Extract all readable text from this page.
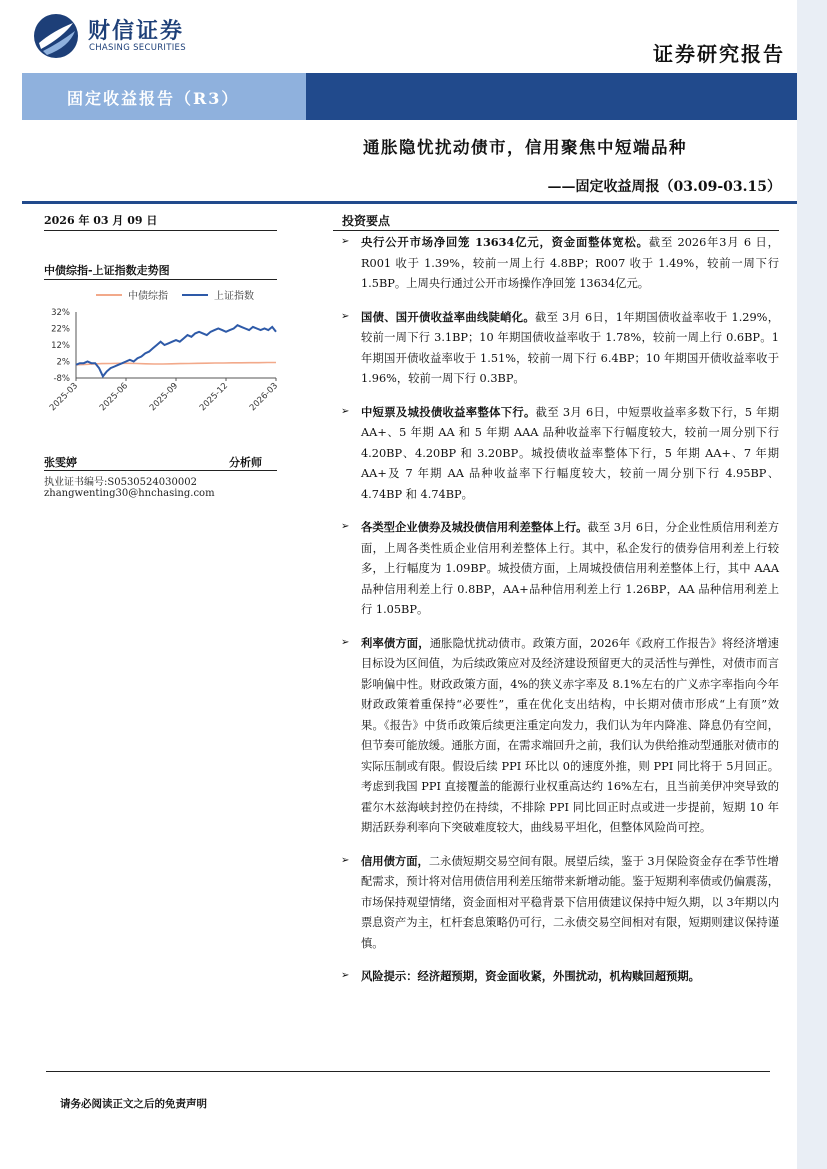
财信证券
CHASING SECURITIES	证券研究报告
固定收益报告（R3）
通胀隐忧扰动债市，信用聚焦中短端品种
——固定收益周报（03.09-03.15）
2026 年 03 月 09 日
中债综指-上证指数走势图
中债综指	上证指数
32%
22%
12%
2%
-8%
2025-03 2025-06 2025-09 2025-12 2026-03
张雯婷	分析师
执业证书编号:S0530524030002
zhangwenting30@hnchasing.com
投资要点
➢ 央行公开市场净回笼 13634亿元，资金面整体宽松。截至 2026年3月 6 日，R001 收于 1.39%，较前一周上行 4.8BP；R007 收于 1.49%，较前一周下行 1.5BP。上周央行通过公开市场操作净回笼 13634亿元。
➢ 国债、国开债收益率曲线陡峭化。截至 3月 6日，1年期国债收益率收于 1.29%，较前一周下行 3.1BP；10 年期国债收益率收于 1.78%，较前一周上行 0.6BP。1年期国开债收益率收于 1.51%，较前一周下行 6.4BP；10 年期国开债收益率收于 1.96%，较前一周下行 0.3BP。
➢ 中短票及城投债收益率整体下行。截至 3月 6日，中短票收益率多数下行，5 年期 AA+、5 年期 AA 和 5 年期 AAA 品种收益率下行幅度较大，较前一周分别下行 4.20BP、4.20BP 和 3.20BP。城投债收益率整体下行，5 年期 AA+、7 年期 AA+及 7 年期 AA 品种收益率下行幅度较大，较前一周分别下行 4.95BP、4.74BP 和 4.74BP。
➢ 各类型企业债券及城投债信用利差整体上行。截至 3月 6日，分企业性质信用利差方面，上周各类性质企业信用利差整体上行。其中，私企发行的债券信用利差上行较多，上行幅度为 1.09BP。城投债方面，上周城投债信用利差整体上行，其中 AAA 品种信用利差上行 0.8BP，AA+品种信用利差上行 1.26BP，AA 品种信用利差上行 1.05BP。
➢ 利率债方面，通胀隐忧扰动债市。政策方面，2026年《政府工作报告》将经济增速目标设为区间值，为后续政策应对及经济建设预留更大的灵活性与弹性，对债市而言影响偏中性。财政政策方面，4%的狭义赤字率及 8.1%左右的广义赤字率指向今年财政政策着重保持“必要性”，重在优化支出结构，中长期对债市形成“上有顶”效果。《报告》中货币政策后续更注重定向发力，我们认为年内降准、降息仍有空间，但节奏可能放缓。通胀方面，在需求端回升之前，我们认为供给推动型通胀对债市的实际压制或有限。假设后续 PPI 环比以 0的速度外推，则 PPI 同比将于 5月回正。考虑到我国 PPI 直接覆盖的能源行业权重高达约 16%左右，且当前美伊冲突导致的霍尔木兹海峡封控仍在持续，不排除 PPI 同比回正时点或进一步提前，短期 10 年期活跃券利率向下突破难度较大，曲线易平坦化，但整体风险尚可控。
➢ 信用债方面，二永债短期交易空间有限。展望后续，鉴于 3月保险资金存在季节性增配需求，预计将对信用债信用利差压缩带来新增动能。鉴于短期利率债或仍偏震荡，市场保持观望情绪，资金面相对平稳背景下信用债建议保持中短久期，以 3年期以内票息资产为主，杠杆套息策略仍可行，二永债交易空间相对有限，短期则建议保持谨慎。
➢ 风险提示：经济超预期，资金面收紧，外围扰动，机构赎回超预期。
请务必阅读正文之后的免责声明
